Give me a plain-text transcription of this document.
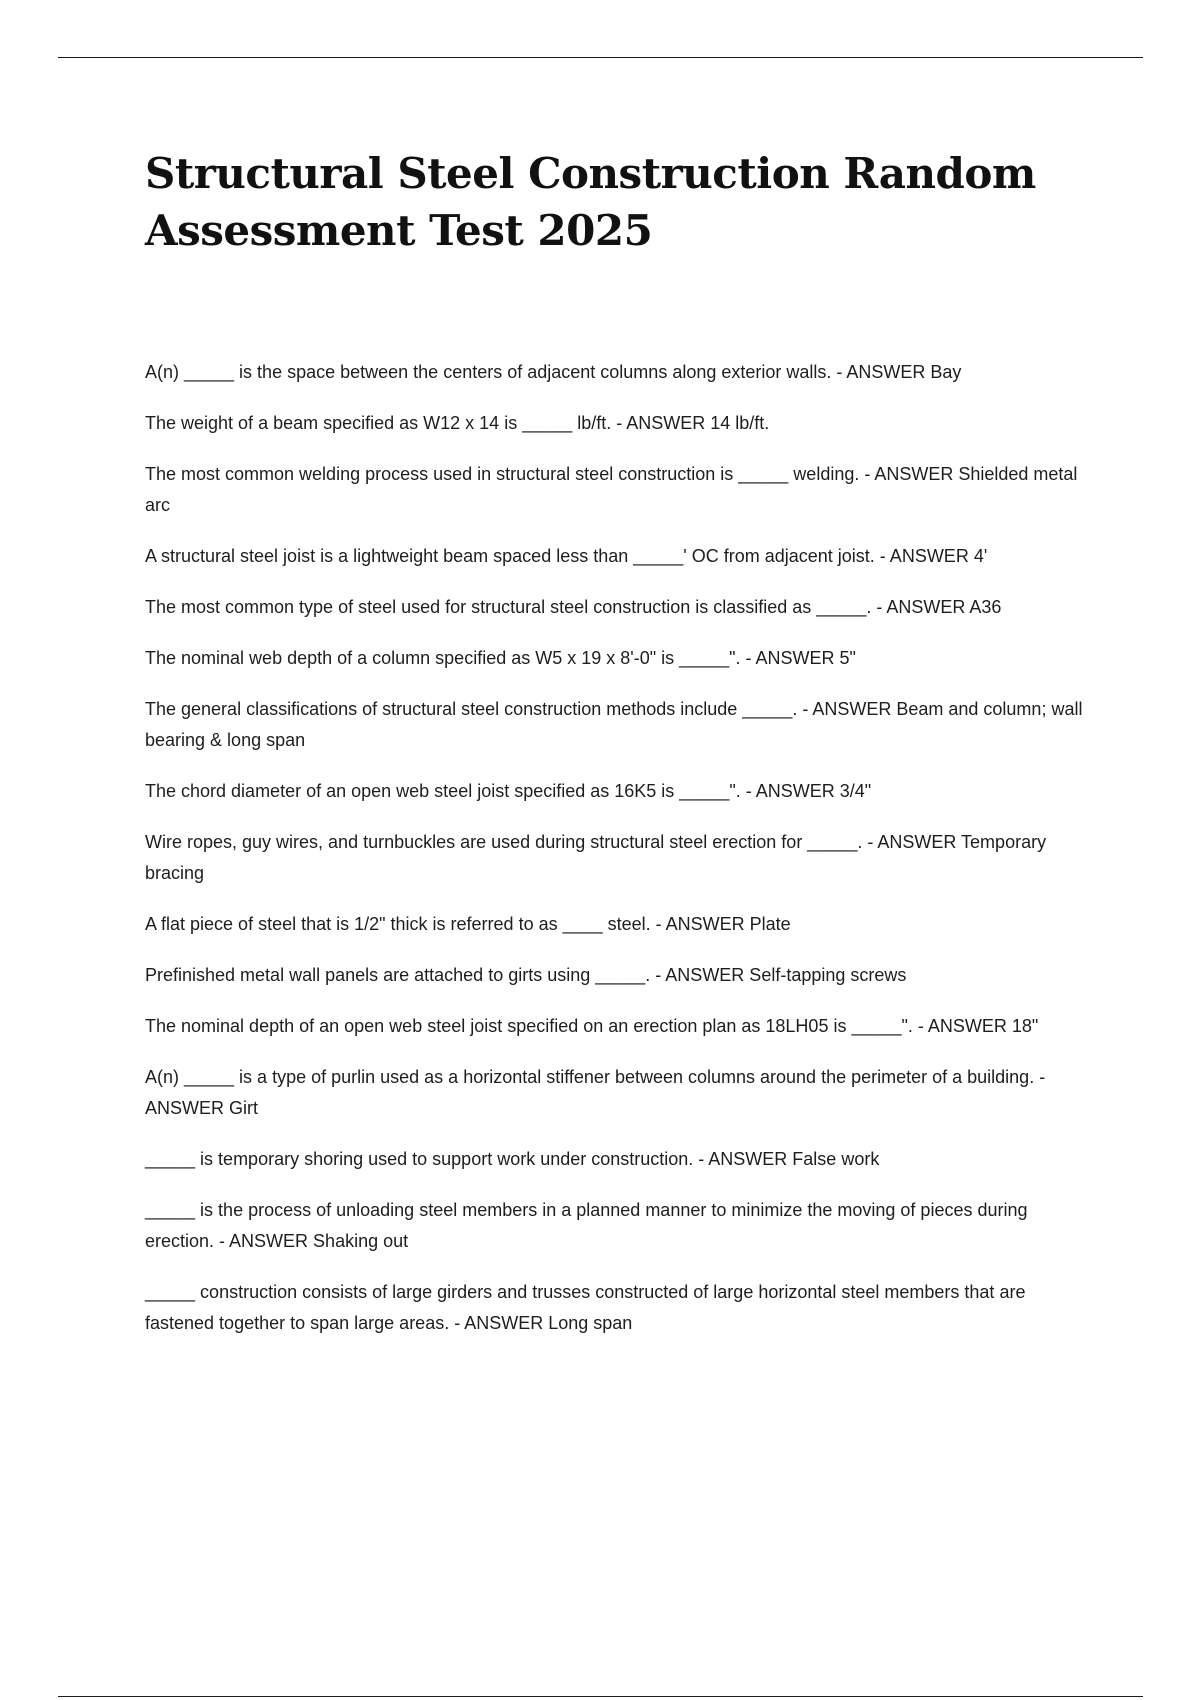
Structural Steel Construction Random Assessment Test 2025
A(n) _____ is the space between the centers of adjacent columns along exterior walls. - ANSWER Bay
The weight of a beam specified as W12 x 14 is _____ lb/ft. - ANSWER 14 lb/ft.
The most common welding process used in structural steel construction is _____ welding. - ANSWER Shielded metal arc
A structural steel joist is a lightweight beam spaced less than _____' OC from adjacent joist. - ANSWER 4'
The most common type of steel used for structural steel construction is classified as _____. - ANSWER A36
The nominal web depth of a column specified as W5 x 19 x 8'-0" is _____". - ANSWER 5"
The general classifications of structural steel construction methods include _____. - ANSWER Beam and column; wall bearing & long span
The chord diameter of an open web steel joist specified as 16K5 is _____". - ANSWER 3/4"
Wire ropes, guy wires, and turnbuckles are used during structural steel erection for _____. - ANSWER Temporary bracing
A flat piece of steel that is 1/2" thick is referred to as ____ steel. - ANSWER Plate
Prefinished metal wall panels are attached to girts using _____. - ANSWER Self-tapping screws
The nominal depth of an open web steel joist specified on an erection plan as 18LH05 is _____". - ANSWER 18"
A(n) _____ is a type of purlin used as a horizontal stiffener between columns around the perimeter of a building. - ANSWER Girt
_____ is temporary shoring used to support work under construction. - ANSWER False work
_____ is the process of unloading steel members in a planned manner to minimize the moving of pieces during erection. - ANSWER Shaking out
_____ construction consists of large girders and trusses constructed of large horizontal steel members that are fastened together to span large areas. - ANSWER Long span
